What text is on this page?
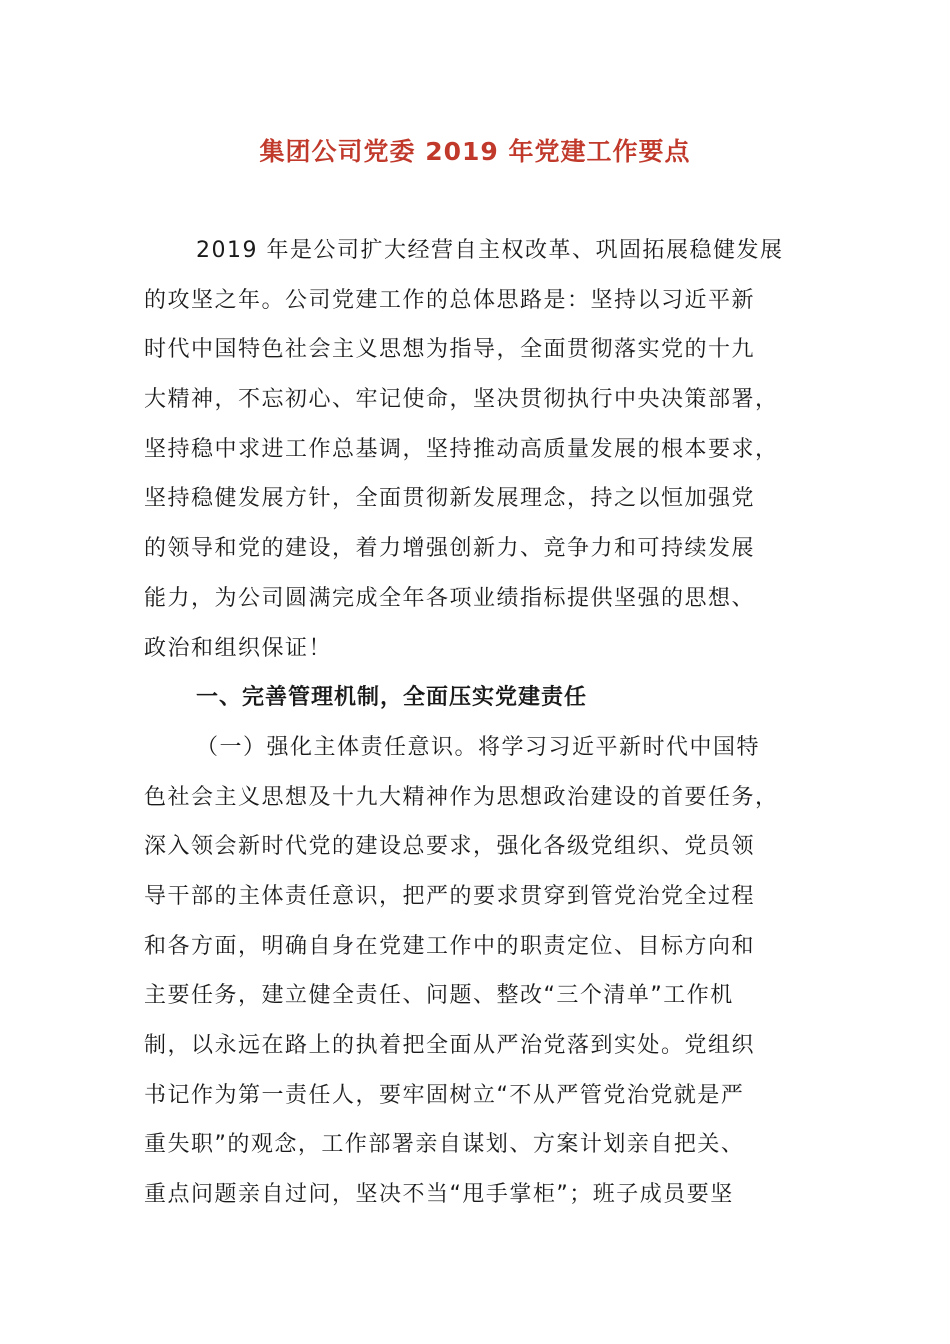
集团公司党委 2019 年党建工作要点
2019 年是公司扩大经营自主权改革、巩固拓展稳健发展
的攻坚之年。公司党建工作的总体思路是：坚持以习近平新
时代中国特色社会主义思想为指导，全面贯彻落实党的十九
大精神，不忘初心、牢记使命，坚决贯彻执行中央决策部署，
坚持稳中求进工作总基调，坚持推动高质量发展的根本要求，
坚持稳健发展方针，全面贯彻新发展理念，持之以恒加强党
的领导和党的建设，着力增强创新力、竞争力和可持续发展
能力，为公司圆满完成全年各项业绩指标提供坚强的思想、
政治和组织保证！
一、完善管理机制，全面压实党建责任
（一）强化主体责任意识。将学习习近平新时代中国特
色社会主义思想及十九大精神作为思想政治建设的首要任务，
深入领会新时代党的建设总要求，强化各级党组织、党员领
导干部的主体责任意识，把严的要求贯穿到管党治党全过程
和各方面，明确自身在党建工作中的职责定位、目标方向和
主要任务，建立健全责任、问题、整改“三个清单”工作机
制，以永远在路上的执着把全面从严治党落到实处。党组织
书记作为第一责任人，要牢固树立“不从严管党治党就是严
重失职”的观念，工作部署亲自谋划、方案计划亲自把关、
重点问题亲自过问，坚决不当“甩手掌柜”；班子成员要坚
